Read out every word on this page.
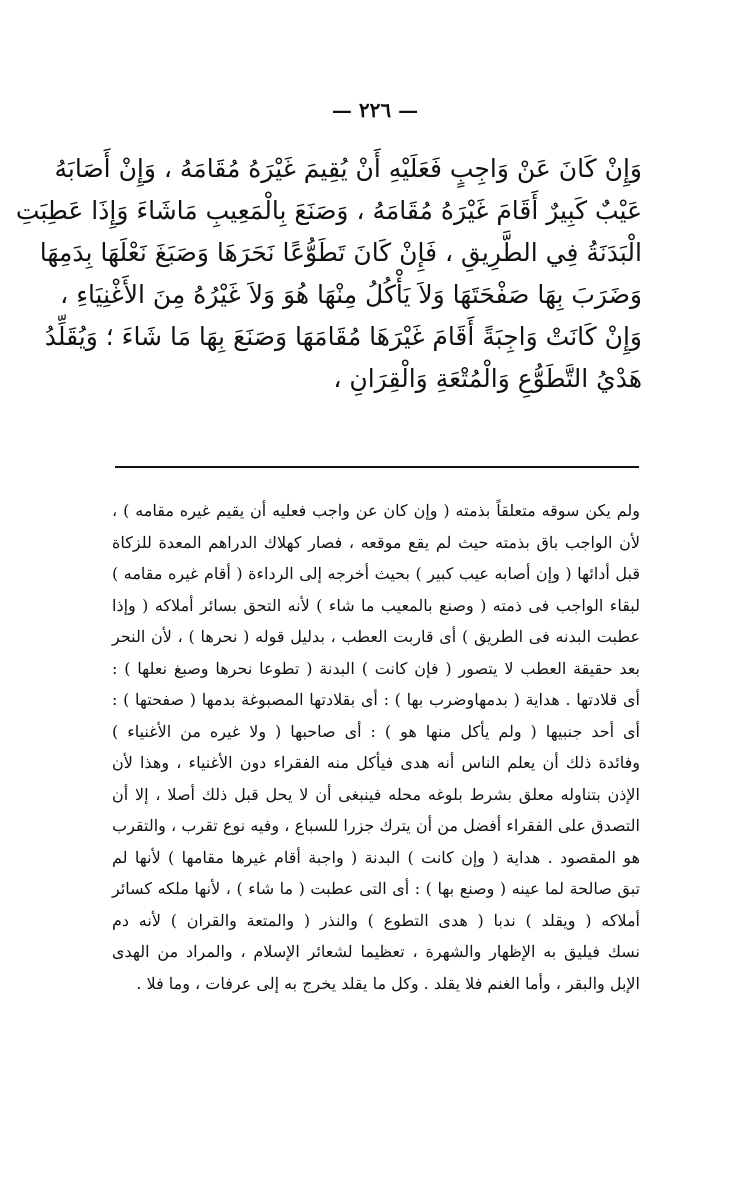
— ٢٢٦ —
وَإِنْ كَانَ عَنْ وَاجِبٍ فَعَلَيْهِ أَنْ يُقِيمَ غَيْرَهُ مُقَامَهُ ، وَإِنْ أَصَابَهُ
عَيْبٌ كَبِيرٌ أَقَامَ غَيْرَهُ مُقَامَهُ ، وَصَنَعَ بِالْمَعِيبِ مَاشَاءَ وَإِذَا عَطِبَتِ
الْبَدَنَةُ فِي الطَّرِيقِ ، فَإِنْ كَانَ تَطَوُّعًا نَحَرَهَا وَصَبَغَ نَعْلَهَا بِدَمِهَا
وَضَرَبَ بِهَا صَفْحَتَهَا وَلاَ يَأْكُلُ مِنْهَا هُوَ وَلاَ غَيْرُهُ مِنَ الأَغْنِيَاءِ ،
وَإِنْ كَانَتْ وَاجِبَةً أَقَامَ غَيْرَهَا مُقَامَهَا وَصَنَعَ بِهَا مَا شَاءَ ؛ وَيُقَلِّدُ
هَدْيُ التَّطَوُّعِ وَالْمُتْعَةِ وَالْقِرَانِ ،
ولم يكن سوقه متعلقاً بذمته ( وإن كان عن واجب فعليه أن يقيم غيره مقامه ) ،
لأن الواجب باق بذمته حيث لم يقع موقعه ، فصار كهلاك الدراهم المعدة للزكاة
قبل أدائها ( وإن أصابه عيب كبير ) بحيث أخرجه إلى الرداءة ( أقام غيره مقامه )
لبقاء الواجب فى ذمته ( وصنع بالمعيب ما شاء ) لأنه التحق بسائر أملاكه ( وإذا
عطبت البدنه فى الطريق ) أى قاربت العطب ، بدليل قوله ( نحرها ) ، لأن النحر
بعد حقيقة العطب لا يتصور ( فإن كانت ) البدنة ( تطوعا نحرها وصبغ نعلها ) :
أى قلادتها . هداية ( بدمهاوضرب بها ) : أى بقلادتها المصبوغة بدمها ( صفحتها ) :
أى أحد جنبيها ( ولم يأكل منها هو ) : أى صاحبها ( ولا غيره من الأغنياء )
وفائدة ذلك أن يعلم الناس أنه هدى فيأكل منه الفقراء دون الأغنياء ، وهذا لأن
الإذن بتناوله معلق بشرط بلوغه محله فينبغى أن لا يحل قبل ذلك أصلا ، إلا أن
التصدق على الفقراء أفضل من أن يترك جزرا للسباع ، وفيه نوع تقرب ، والتقرب
هو المقصود . هداية ( وإن كانت ) البدنة ( واجبة أقام غيرها مقامها ) لأنها لم
تبق صالحة لما عينه ( وصنع بها ) : أى التى عطبت ( ما شاء ) ، لأنها ملكه كسائر
أملاكه ( ويقلد ) ندبا ( هدى التطوع ) والنذر ( والمتعة والقران ) لأنه دم
نسك فيليق به الإظهار والشهرة ، تعظيما لشعائر الإسلام ، والمراد من الهدى
الإبل والبقر ، وأما الغنم فلا يقلد . وكل ما يقلد يخرج به إلى عرفات ، وما فلا .
